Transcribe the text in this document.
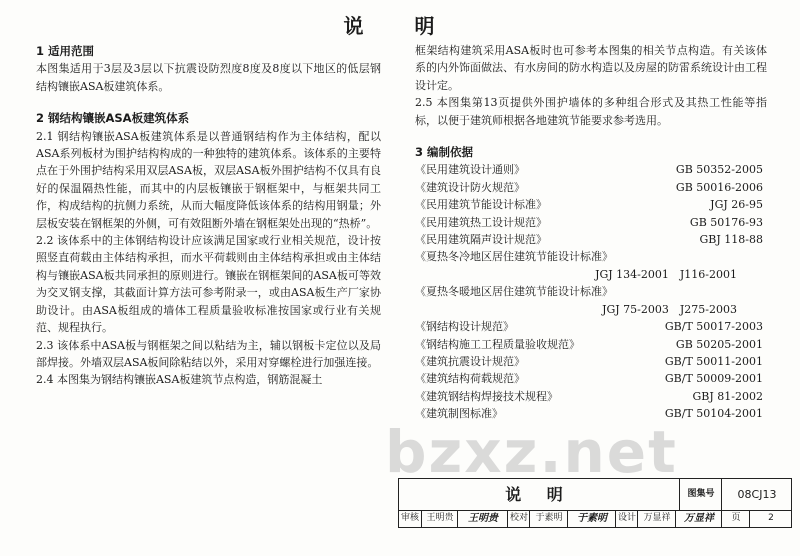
说 明
1 适用范围

本图集适用于3层及3层以下抗震设防烈度8度及8度以下地区的低层钢结构镶嵌ASA板建筑体系。

2 钢结构镶嵌ASA板建筑体系

2.1 钢结构镶嵌ASA板建筑体系是以普通钢结构作为主体结构，配以ASA系列板材为围护结构构成的一种独特的建筑体系。该体系的主要特点在于外围护结构采用双层ASA板，双层ASA板外围护结构不仅具有良好的保温隔热性能，而其中的内层板镶嵌于钢框架中，与框架共同工作，构成结构的抗侧力系统，从而大幅度降低该体系的结构用钢量；外层板安装在钢框架的外侧，可有效阻断外墙在钢框架处出现的“热桥”。

2.2 该体系中的主体钢结构设计应该满足国家或行业相关规范，设计按照竖直荷载由主体结构承担，而水平荷载则由主体结构承担或由主体结构与镶嵌ASA板共同承担的原则进行。镶嵌在钢框架间的ASA板可等效为交叉钢支撑，其截面计算方法可参考附录一，或由ASA板生产厂家协助设计。由ASA板组成的墙体工程质量验收标准按国家或行业有关规范、规程执行。

2.3 该体系中ASA板与钢框架之间以粘结为主，辅以钢板卡定位以及局部焊接。外墙双层ASA板间除粘结以外，采用对穿螺栓进行加强连接。

2.4 本图集为钢结构镶嵌ASA板建筑节点构造，钢筋混凝土

框架结构建筑采用ASA板时也可参考本图集的相关节点构造。有关该体系的内外饰面做法、有水房间的防水构造以及房屋的防雷系统设计由工程设计定。

2.5 本图集第13页提供外围护墙体的多种组合形式及其热工性能等指标，以便于建筑师根据各地建筑节能要求参考选用。

3 编制依据
《民用建筑设计通则》	GB 50352-2005
《建筑设计防火规范》	GB 50016-2006
《民用建筑节能设计标准》	JGJ 26-95
《民用建筑热工设计规范》	GB 50176-93
《民用建筑隔声设计规范》	GBJ 118-88
《夏热冬冷地区居住建筑节能设计标准》
JGJ 134-2001　J116-2001
《夏热冬暖地区居住建筑节能设计标准》
JGJ 75-2003　J275-2003
《钢结构设计规范》	GB/T 50017-2003
《钢结构施工工程质量验收规范》	GB 50205-2001
《建筑抗震设计规范》	GB/T 50011-2001
《建筑结构荷载规范》	GB/T 50009-2001
《建筑钢结构焊接技术规程》	GBJ 81-2002
《建筑制图标准》	GB/T 50104-2001
bzxz.net
说 明	图集号	08CJ13
审核 王明贵	王明贵	校对 于素明	于素明	设计 万显祥	万显祥	页	2
